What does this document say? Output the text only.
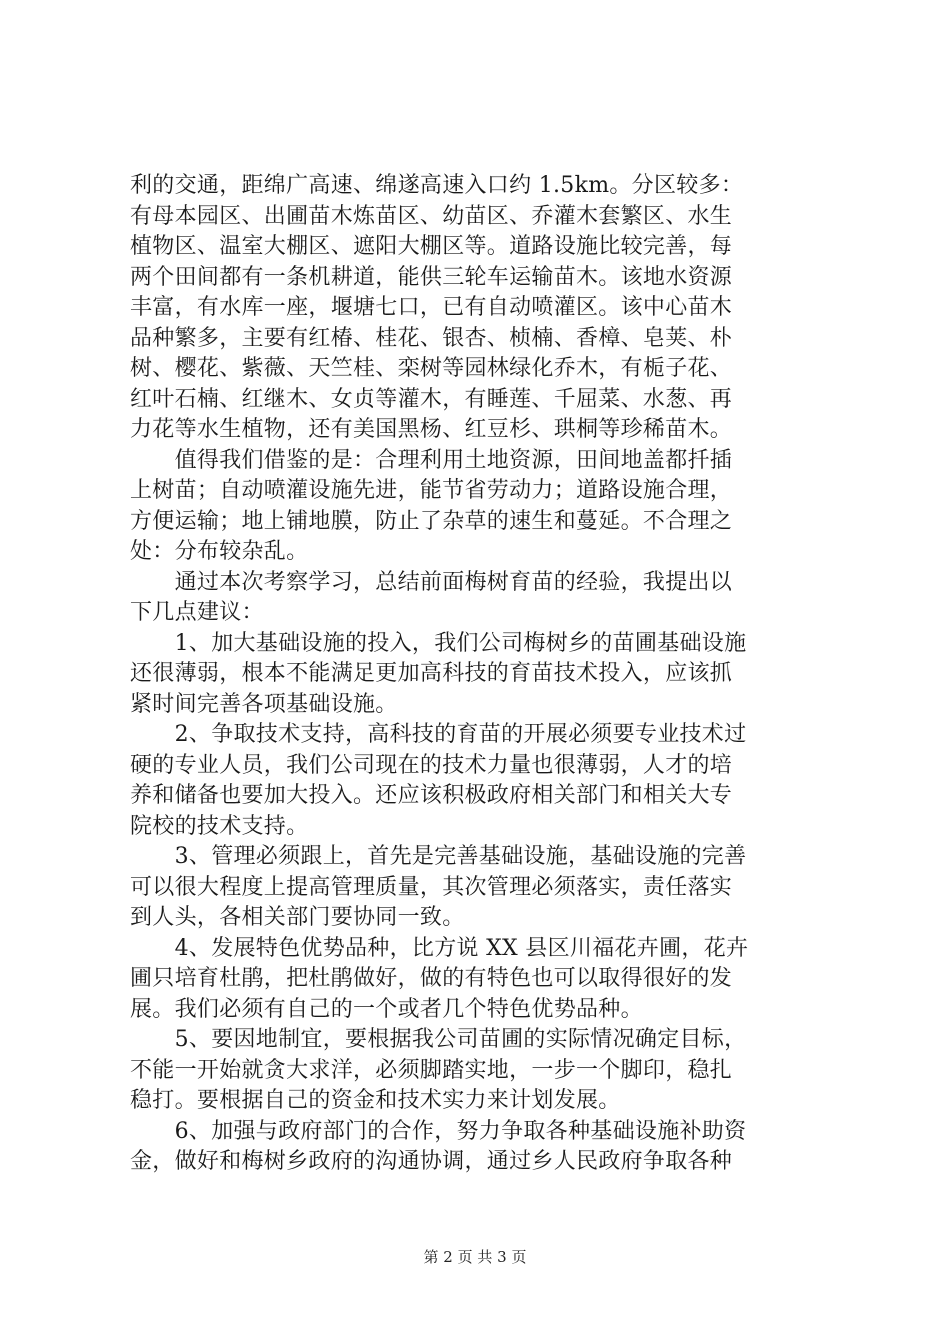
利的交通，距绵广高速、绵遂高速入口约 1.5km。分区较多：
有母本园区、出圃苗木炼苗区、幼苗区、乔灌木套繁区、水生
植物区、温室大棚区、遮阳大棚区等。道路设施比较完善，每
两个田间都有一条机耕道，能供三轮车运输苗木。该地水资源
丰富，有水库一座，堰塘七口，已有自动喷灌区。该中心苗木
品种繁多，主要有红椿、桂花、银杏、桢楠、香樟、皂荚、朴
树、樱花、紫薇、天竺桂、栾树等园林绿化乔木，有栀子花、
红叶石楠、红继木、女贞等灌木，有睡莲、千屈菜、水葱、再
力花等水生植物，还有美国黑杨、红豆杉、珙桐等珍稀苗木。
　　值得我们借鉴的是：合理利用土地资源，田间地盖都扦插
上树苗；自动喷灌设施先进，能节省劳动力；道路设施合理，
方便运输；地上铺地膜，防止了杂草的速生和蔓延。不合理之
处：分布较杂乱。
　　通过本次考察学习，总结前面梅树育苗的经验，我提出以
下几点建议：
　　1、加大基础设施的投入，我们公司梅树乡的苗圃基础设施
还很薄弱，根本不能满足更加高科技的育苗技术投入，应该抓
紧时间完善各项基础设施。
　　2、争取技术支持，高科技的育苗的开展必须要专业技术过
硬的专业人员，我们公司现在的技术力量也很薄弱，人才的培
养和储备也要加大投入。还应该积极政府相关部门和相关大专
院校的技术支持。
　　3、管理必须跟上，首先是完善基础设施，基础设施的完善
可以很大程度上提高管理质量，其次管理必须落实，责任落实
到人头，各相关部门要协同一致。
　　4、发展特色优势品种，比方说 XX 县区川福花卉圃，花卉
圃只培育杜鹃，把杜鹃做好，做的有特色也可以取得很好的发
展。我们必须有自己的一个或者几个特色优势品种。
　　5、要因地制宜，要根据我公司苗圃的实际情况确定目标，
不能一开始就贪大求洋，必须脚踏实地，一步一个脚印，稳扎
稳打。要根据自己的资金和技术实力来计划发展。
　　6、加强与政府部门的合作，努力争取各种基础设施补助资
金，做好和梅树乡政府的沟通协调，通过乡人民政府争取各种
第 2 页 共 3 页
